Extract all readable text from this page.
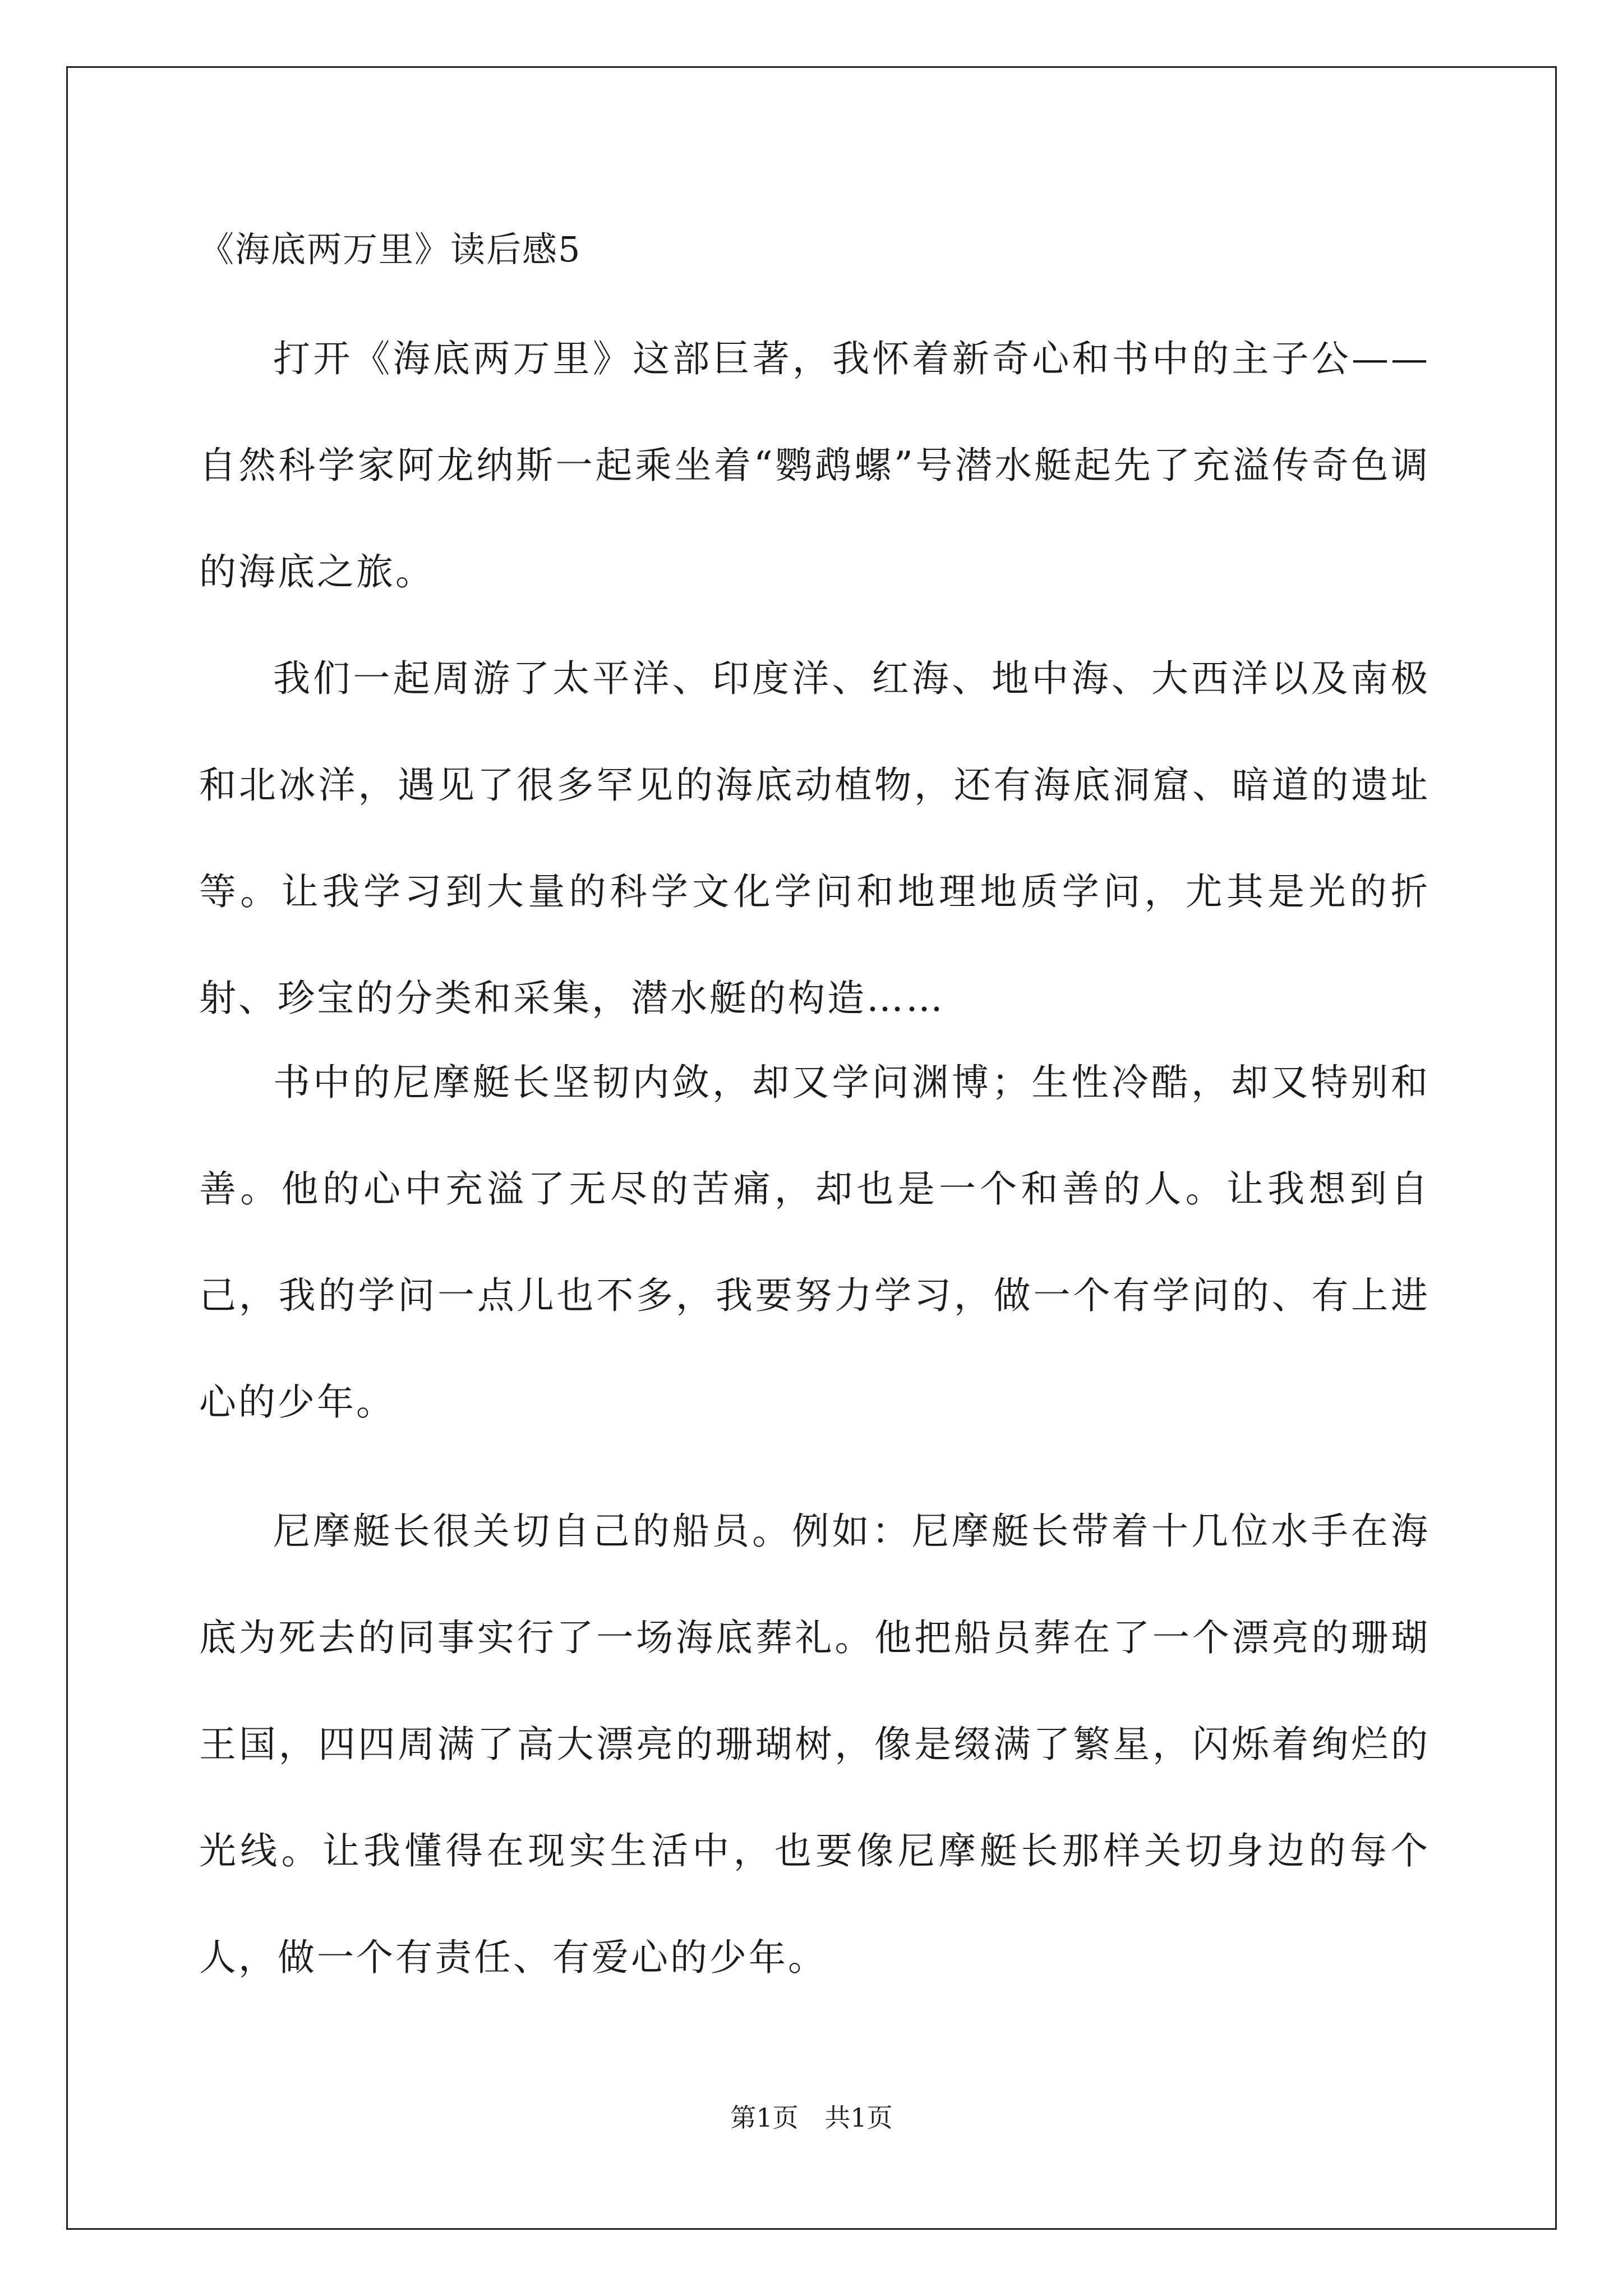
《海底两万里》读后感5

打开《海底两万里》这部巨著，我怀着新奇心和书中的主子公——自然科学家阿龙纳斯一起乘坐着“鹦鹉螺”号潜水艇起先了充溢传奇色调的海底之旅。

我们一起周游了太平洋、印度洋、红海、地中海、大西洋以及南极和北冰洋，遇见了很多罕见的海底动植物，还有海底洞窟、暗道的遗址等。让我学习到大量的科学文化学问和地理地质学问，尤其是光的折射、珍宝的分类和采集，潜水艇的构造……

书中的尼摩艇长坚韧内敛，却又学问渊博；生性冷酷，却又特别和善。他的心中充溢了无尽的苦痛，却也是一个和善的人。让我想到自己，我的学问一点儿也不多，我要努力学习，做一个有学问的、有上进心的少年。

尼摩艇长很关切自己的船员。例如：尼摩艇长带着十几位水手在海底为死去的同事实行了一场海底葬礼。他把船员葬在了一个漂亮的珊瑚王国，四四周满了高大漂亮的珊瑚树，像是缀满了繁星，闪烁着绚烂的光线。让我懂得在现实生活中，也要像尼摩艇长那样关切身边的每个人，做一个有责任、有爱心的少年。

第1页 共1页
